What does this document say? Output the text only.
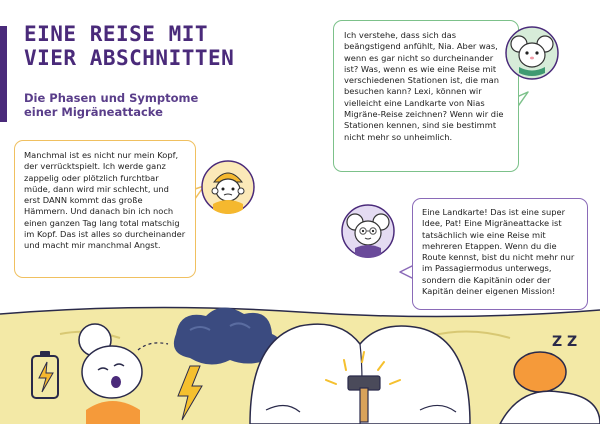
EINE REISE MIT
VIER ABSCHNITTEN
Die Phasen und Symptome
einer Migräneattacke
Ich verstehe, dass sich das beängstigend anfühlt, Nia. Aber was, wenn es gar nicht so durcheinander ist? Was, wenn es wie eine Reise mit verschiedenen Stationen ist, die man besuchen kann? Lexi, können wir vielleicht eine Landkarte von Nias Migräne-Reise zeichnen? Wenn wir die Stationen kennen, sind sie bestimmt nicht mehr so unheimlich.
Manchmal ist es nicht nur mein Kopf, der verrücktspielt. Ich werde ganz zappelig oder plötzlich furchtbar müde, dann wird mir schlecht, und erst DANN kommt das große Hämmern. Und danach bin ich noch einen ganzen Tag lang total matschig im Kopf. Das ist alles so durcheinander und macht mir manchmal Angst.
Eine Landkarte! Das ist eine super Idee, Pat! Eine Migräneattacke ist tatsächlich wie eine Reise mit mehreren Etappen. Wenn du die Route kennst, bist du nicht mehr nur im Passagiermodus unterwegs, sondern die Kapitänin oder der Kapitän deiner eigenen Mission!
Z Z
